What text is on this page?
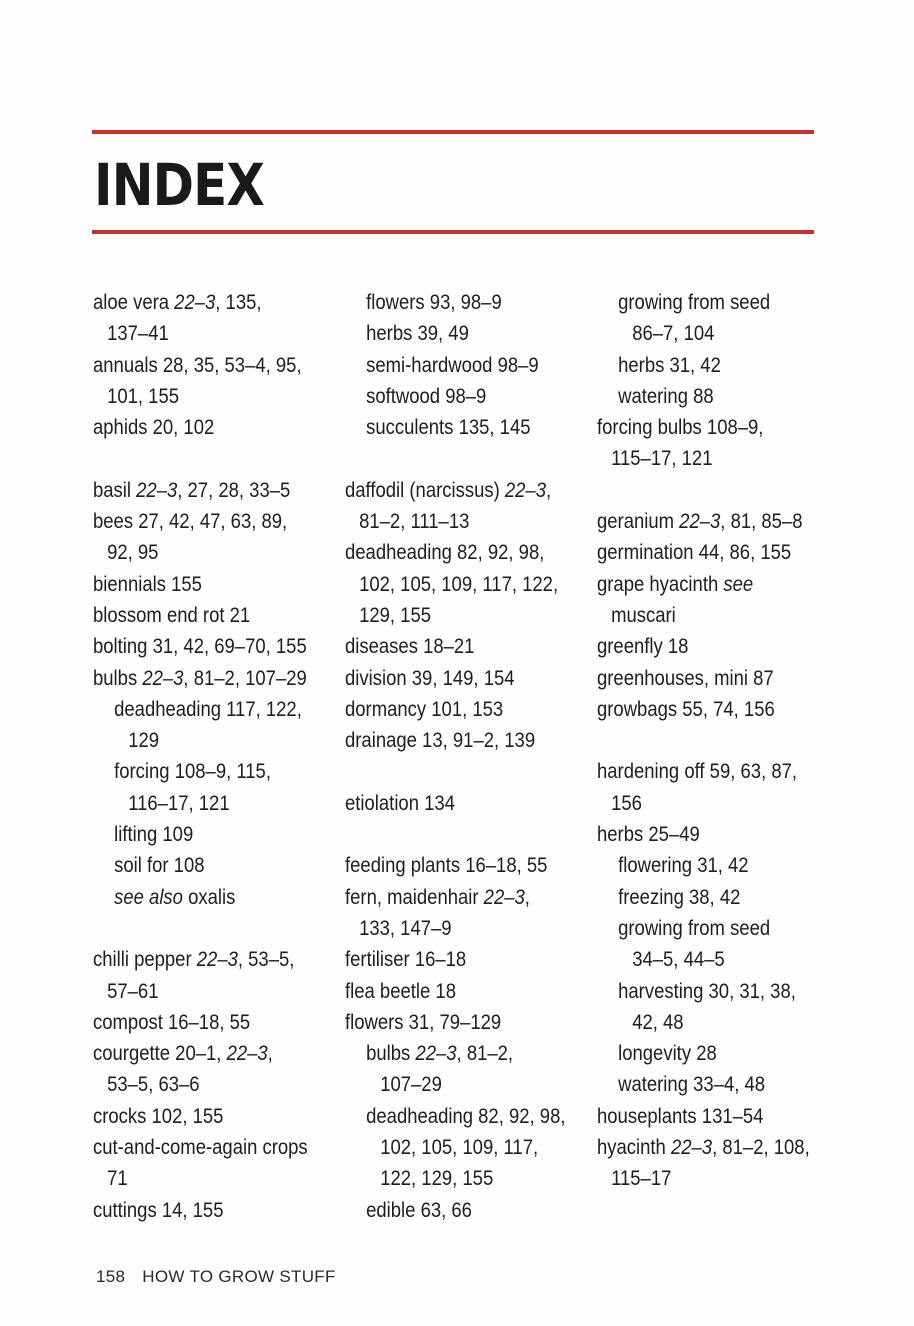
INDEX
aloe vera 22–3, 135,
137–41
annuals 28, 35, 53–4, 95,
101, 155
aphids 20, 102
basil 22–3, 27, 28, 33–5
bees 27, 42, 47, 63, 89,
92, 95
biennials 155
blossom end rot 21
bolting 31, 42, 69–70, 155
bulbs 22–3, 81–2, 107–29
deadheading 117, 122,
129
forcing 108–9, 115,
116–17, 121
lifting 109
soil for 108
see also oxalis
chilli pepper 22–3, 53–5,
57–61
compost 16–18, 55
courgette 20–1, 22–3,
53–5, 63–6
crocks 102, 155
cut-and-come-again crops
71
cuttings 14, 155
flowers 93, 98–9
herbs 39, 49
semi-hardwood 98–9
softwood 98–9
succulents 135, 145
daffodil (narcissus) 22–3,
81–2, 111–13
deadheading 82, 92, 98,
102, 105, 109, 117, 122,
129, 155
diseases 18–21
division 39, 149, 154
dormancy 101, 153
drainage 13, 91–2, 139
etiolation 134
feeding plants 16–18, 55
fern, maidenhair 22–3,
133, 147–9
fertiliser 16–18
flea beetle 18
flowers 31, 79–129
bulbs 22–3, 81–2,
107–29
deadheading 82, 92, 98,
102, 105, 109, 117,
122, 129, 155
edible 63, 66
growing from seed
86–7, 104
herbs 31, 42
watering 88
forcing bulbs 108–9,
115–17, 121
geranium 22–3, 81, 85–8
germination 44, 86, 155
grape hyacinth see
muscari
greenfly 18
greenhouses, mini 87
growbags 55, 74, 156
hardening off 59, 63, 87,
156
herbs 25–49
flowering 31, 42
freezing 38, 42
growing from seed
34–5, 44–5
harvesting 30, 31, 38,
42, 48
longevity 28
watering 33–4, 48
houseplants 131–54
hyacinth 22–3, 81–2, 108,
115–17
158 HOW TO GROW STUFF
